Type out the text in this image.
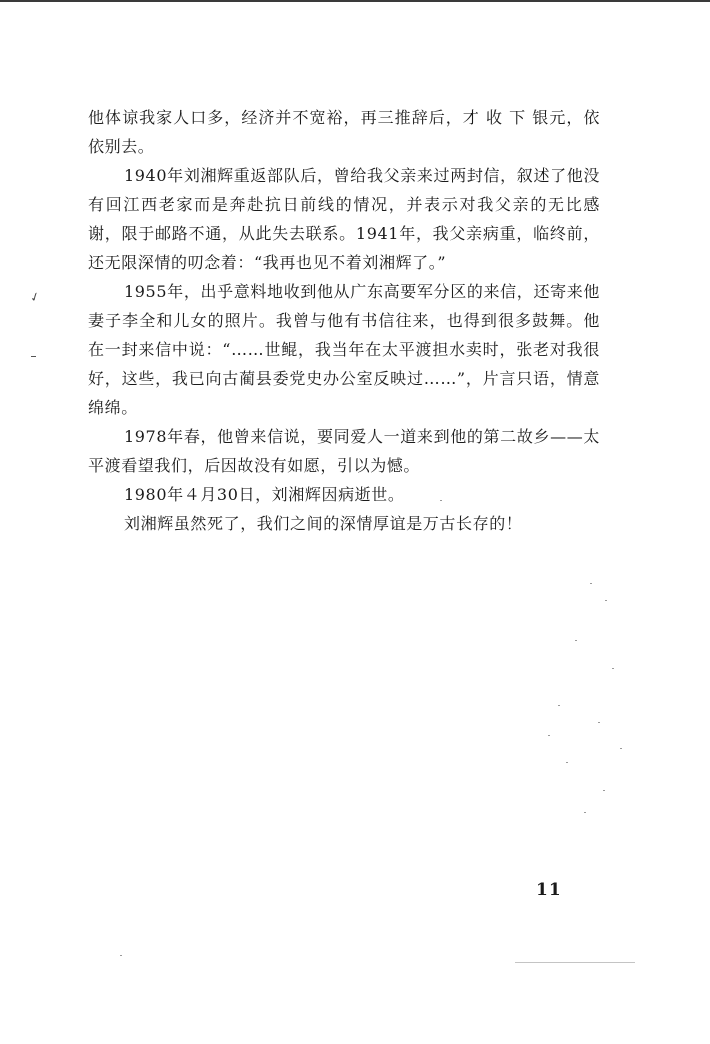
✓

他体谅我家人口多，经济并不宽裕，再三推辞后，才 收 下 银元，依依别去。

1940年刘湘辉重返部队后，曾给我父亲来过两封信，叙述了他没有回江西老家而是奔赴抗日前线的情况，并表示对我父亲的无比感谢，限于邮路不通，从此失去联系。1941年，我父亲病重，临终前，还无限深情的叨念着：“我再也见不着刘湘辉了。”

1955年，出乎意料地收到他从广东高要军分区的来信，还寄来他妻子李全和儿女的照片。我曾与他有书信往来，也得到很多鼓舞。他在一封来信中说：“……世鲲，我当年在太平渡担水卖时，张老对我很好，这些，我已向古蔺县委党史办公室反映过……”，片言只语，情意绵绵。

1978年春，他曾来信说，要同爱人一道来到他的第二故乡——太平渡看望我们，后因故没有如愿，引以为憾。

1980年４月30日，刘湘辉因病逝世。

刘湘辉虽然死了，我们之间的深情厚谊是万古长存的！

11
